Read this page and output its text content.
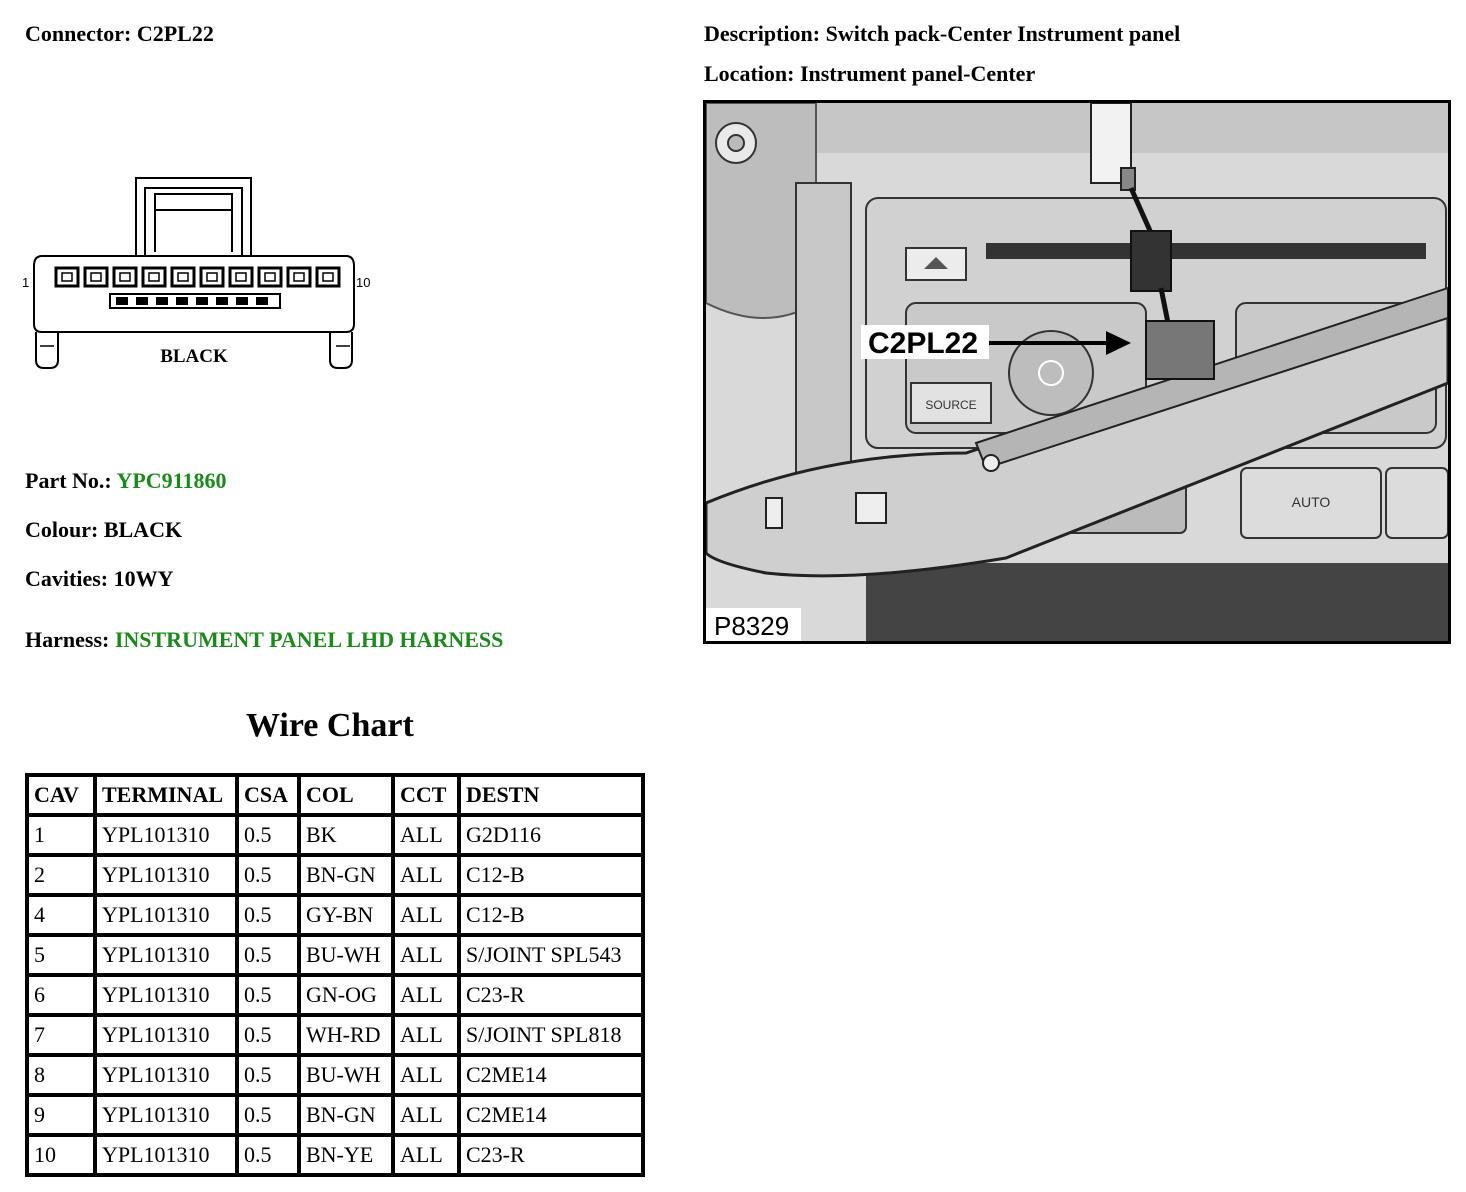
Connector: C2PL22	Description: Switch pack-Center Instrument panel
Location: Instrument panel-Center
1	10
BLACK
Part No.: YPC911860
Colour: BLACK
Cavities: 10WY
Harness: INSTRUMENT PANEL LHD HARNESS
SOURCE
AUTO
C2PL22
P8329
Wire Chart
CAV	TERMINAL	CSA	COL	CCT	DESTN
1	YPL101310	0.5	BK	ALL	G2D116
2	YPL101310	0.5	BN-GN	ALL	C12-B
4	YPL101310	0.5	GY-BN	ALL	C12-B
5	YPL101310	0.5	BU-WH	ALL	S/JOINT SPL543
6	YPL101310	0.5	GN-OG	ALL	C23-R
7	YPL101310	0.5	WH-RD	ALL	S/JOINT SPL818
8	YPL101310	0.5	BU-WH	ALL	C2ME14
9	YPL101310	0.5	BN-GN	ALL	C2ME14
10	YPL101310	0.5	BN-YE	ALL	C23-R
